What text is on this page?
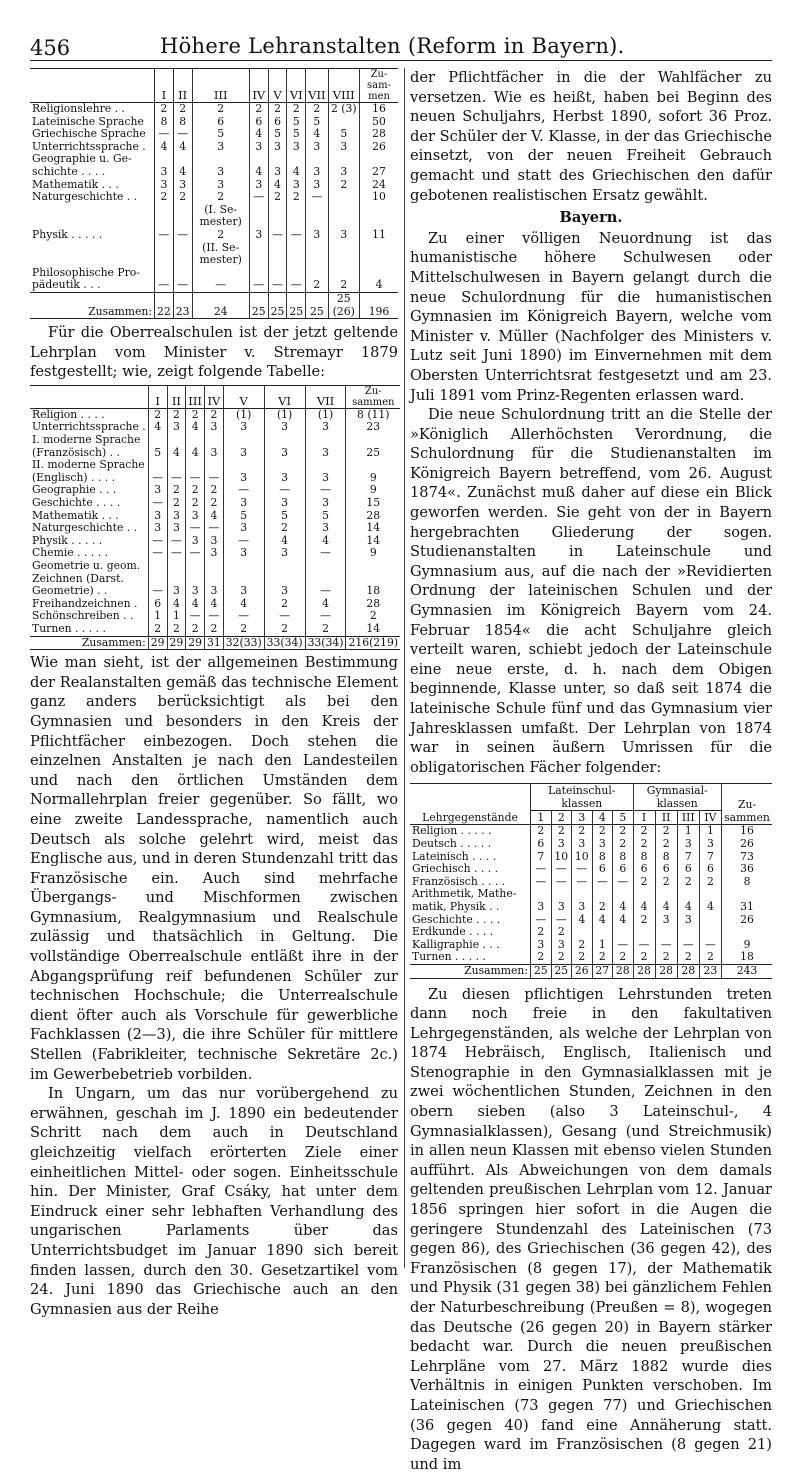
456	Höhere Lehranstalten (Reform in Bayern).
	I	II	III	IV	V	VI	VII	VIII	Zu- sam- men
Religionslehre . .	2	2	2	2	2	2	2	2 (3)	16
Lateinische Sprache	8	8	6	6	6	5	5		50
Griechische Sprache	—	—	5	4	5	5	4	5	28
Unterrichtssprache .	4	4	3	3	3	3	3	3	26
Geographie u. Ge-									
schichte . . . .	3	4	3	4	3	4	3	3	27
Mathematik . . .	3	3	3	3	4	3	3	2	24
Naturgeschichte . .	2	2	2	—	2	2	—		10
			(I. Se- mester)						
Physik . . . . .	—	—	2	3	—	—	3	3	11
			(II. Se- mester)						
Philosophische Pro-									
pädeutik . . .	—	—	—	—	—	—	2	2	4
Zusammen:	22	23	24	25	25	25	25	25 (26)	196

Für die Oberrealschulen ist der jetzt geltende Lehrplan vom Minister v. Stremayr 1879 festgestellt; wie, zeigt folgende Tabelle:

	I	II	III	IV	V	VI	VII	Zu- sammen
Religion . . . .	2	2	2	2	(1)	(1)	(1)	8 (11)
Unterrichtssprache .	4	3	4	3	3	3	3	23
I. moderne Sprache								
(Französisch) . .	5	4	4	3	3	3	3	25
II. moderne Sprache								
(Englisch) . . . .	—	—	—	—	3	3	3	9
Geographie . . .	3	2	2	2	—	—	—	9
Geschichte . . . .	—	2	2	2	3	3	3	15
Mathematik . . .	3	3	3	4	5	5	5	28
Naturgeschichte . .	3	3	—	—	3	2	3	14
Physik . . . . .	—	—	3	3	—	4	4	14
Chemie . . . . .	—	—	—	3	3	3	—	9
Geometrie u. geom.								
Zeichnen (Darst.								
Geometrie) . .	—	3	3	3	3	3	—	18
Freihandzeichnen .	6	4	4	4	4	2	4	28
Schönschreiben . .	1	1	—	—	—	—	—	2
Turnen . . . . .	2	2	2	2	2	2	2	14
Zusammen:	29	29	29	31	32(33)	33(34)	33(34)	216(219)

Wie man sieht, ist der allgemeinen Bestimmung der Realanstalten gemäß das technische Element ganz anders berücksichtigt als bei den Gymnasien und besonders in den Kreis der Pflichtfächer einbezogen. Doch stehen die einzelnen Anstalten je nach den Landesteilen und nach den örtlichen Umständen dem Normallehrplan freier gegenüber. So fällt, wo eine zweite Landessprache, namentlich auch Deutsch als solche gelehrt wird, meist das Englische aus, und in deren Stundenzahl tritt das Französische ein. Auch sind mehrfache Übergangs- und Mischformen zwischen Gymnasium, Realgymnasium und Realschule zulässig und thatsächlich in Geltung. Die vollständige Oberrealschule entläßt ihre in der Abgangsprüfung reif befundenen Schüler zur technischen Hochschule; die Unterrealschule dient öfter auch als Vorschule für gewerbliche Fachklassen (2—3), die ihre Schüler für mittlere Stellen (Fabrikleiter, technische Sekretäre 2c.) im Gewerbebetrieb vorbilden.

In Ungarn, um das nur vorübergehend zu erwähnen, geschah im J. 1890 ein bedeutender Schritt nach dem auch in Deutschland gleichzeitig vielfach erörterten Ziele einer einheitlichen Mittel- oder sogen. Einheitsschule hin. Der Minister, Graf Csáky, hat unter dem Eindruck einer sehr lebhaften Verhandlung des ungarischen Parlaments über das Unterrichtsbudget im Januar 1890 sich bereit finden lassen, durch den 30. Gesetzartikel vom 24. Juni 1890 das Griechische auch an den Gymnasien aus der Reihe

der Pflichtfächer in die der Wahlfächer zu versetzen. Wie es heißt, haben bei Beginn des neuen Schuljahrs, Herbst 1890, sofort 36 Proz. der Schüler der V. Klasse, in der das Griechische einsetzt, von der neuen Freiheit Gebrauch gemacht und statt des Griechischen den dafür gebotenen realistischen Ersatz gewählt.

Bayern.

Zu einer völligen Neuordnung ist das humanistische höhere Schulwesen oder Mittelschulwesen in Bayern gelangt durch die neue Schulordnung für die humanistischen Gymnasien im Königreich Bayern, welche vom Minister v. Müller (Nachfolger des Ministers v. Lutz seit Juni 1890) im Einvernehmen mit dem Obersten Unterrichtsrat festgesetzt und am 23. Juli 1891 vom Prinz-Regenten erlassen ward.

Die neue Schulordnung tritt an die Stelle der »Königlich Allerhöchsten Verordnung, die Schulordnung für die Studienanstalten im Königreich Bayern betreffend, vom 26. August 1874«. Zunächst muß daher auf diese ein Blick geworfen werden. Sie geht von der in Bayern hergebrachten Gliederung der sogen. Studienanstalten in Lateinschule und Gymnasium aus, auf die nach der »Revidierten Ordnung der lateinischen Schulen und der Gymnasien im Königreich Bayern vom 24. Februar 1854« die acht Schuljahre gleich verteilt waren, schiebt jedoch der Lateinschule eine neue erste, d. h. nach dem Obigen beginnende, Klasse unter, so daß seit 1874 die lateinische Schule fünf und das Gymnasium vier Jahresklassen umfaßt. Der Lehrplan von 1874 war in seinen äußern Umrissen für die obligatorischen Fächer folgender:

Lehrgegenstände	Lateinschul- klassen					Gymnasial- klassen				Zu- sammen
	1	2	3	4	5	I	II	III	IV	
Religion . . . . .	2	2	2	2	2	2	2	1	1	16
Deutsch . . . . .	6	3	3	3	2	2	2	3	3	26
Lateinisch . . . .	7	10	10	8	8	8	8	7	7	73
Griechisch . . . .	—	—	—	6	6	6	6	6	6	36
Französisch . . . .	—	—	—	—	—	2	2	2	2	8
Arithmetik, Mathe-										
matik, Physik . .	3	3	3	2	4	4	4	4	4	31
Geschichte . . . .	—	—	4	4	4	2	3	3		26
Erdkunde . . . .	2	2								
Kalligraphie . . .	3	3	2	1	—	—	—	—	—	9
Turnen . . . . .	2	2	2	2	2	2	2	2	2	18
Zusammen:	25	25	26	27	28	28	28	28	23	243

Zu diesen pflichtigen Lehrstunden treten dann noch freie in den fakultativen Lehrgegenständen, als welche der Lehrplan von 1874 Hebräisch, Englisch, Italienisch und Stenographie in den Gymnasialklassen mit je zwei wöchentlichen Stunden, Zeichnen in den obern sieben (also 3 Lateinschul-, 4 Gymnasialklassen), Gesang (und Streichmusik) in allen neun Klassen mit ebenso vielen Stunden aufführt. Als Abweichungen von dem damals geltenden preußischen Lehrplan vom 12. Januar 1856 springen hier sofort in die Augen die geringere Stundenzahl des Lateinischen (73 gegen 86), des Griechischen (36 gegen 42), des Französischen (8 gegen 17), der Mathematik und Physik (31 gegen 38) bei gänzlichem Fehlen der Naturbeschreibung (Preußen = 8), wogegen das Deutsche (26 gegen 20) in Bayern stärker bedacht war. Durch die neuen preußischen Lehrpläne vom 27. März 1882 wurde dies Verhältnis in einigen Punkten verschoben. Im Lateinischen (73 gegen 77) und Griechischen (36 gegen 40) fand eine Annäherung statt. Dagegen ward im Französischen (8 gegen 21) und im
